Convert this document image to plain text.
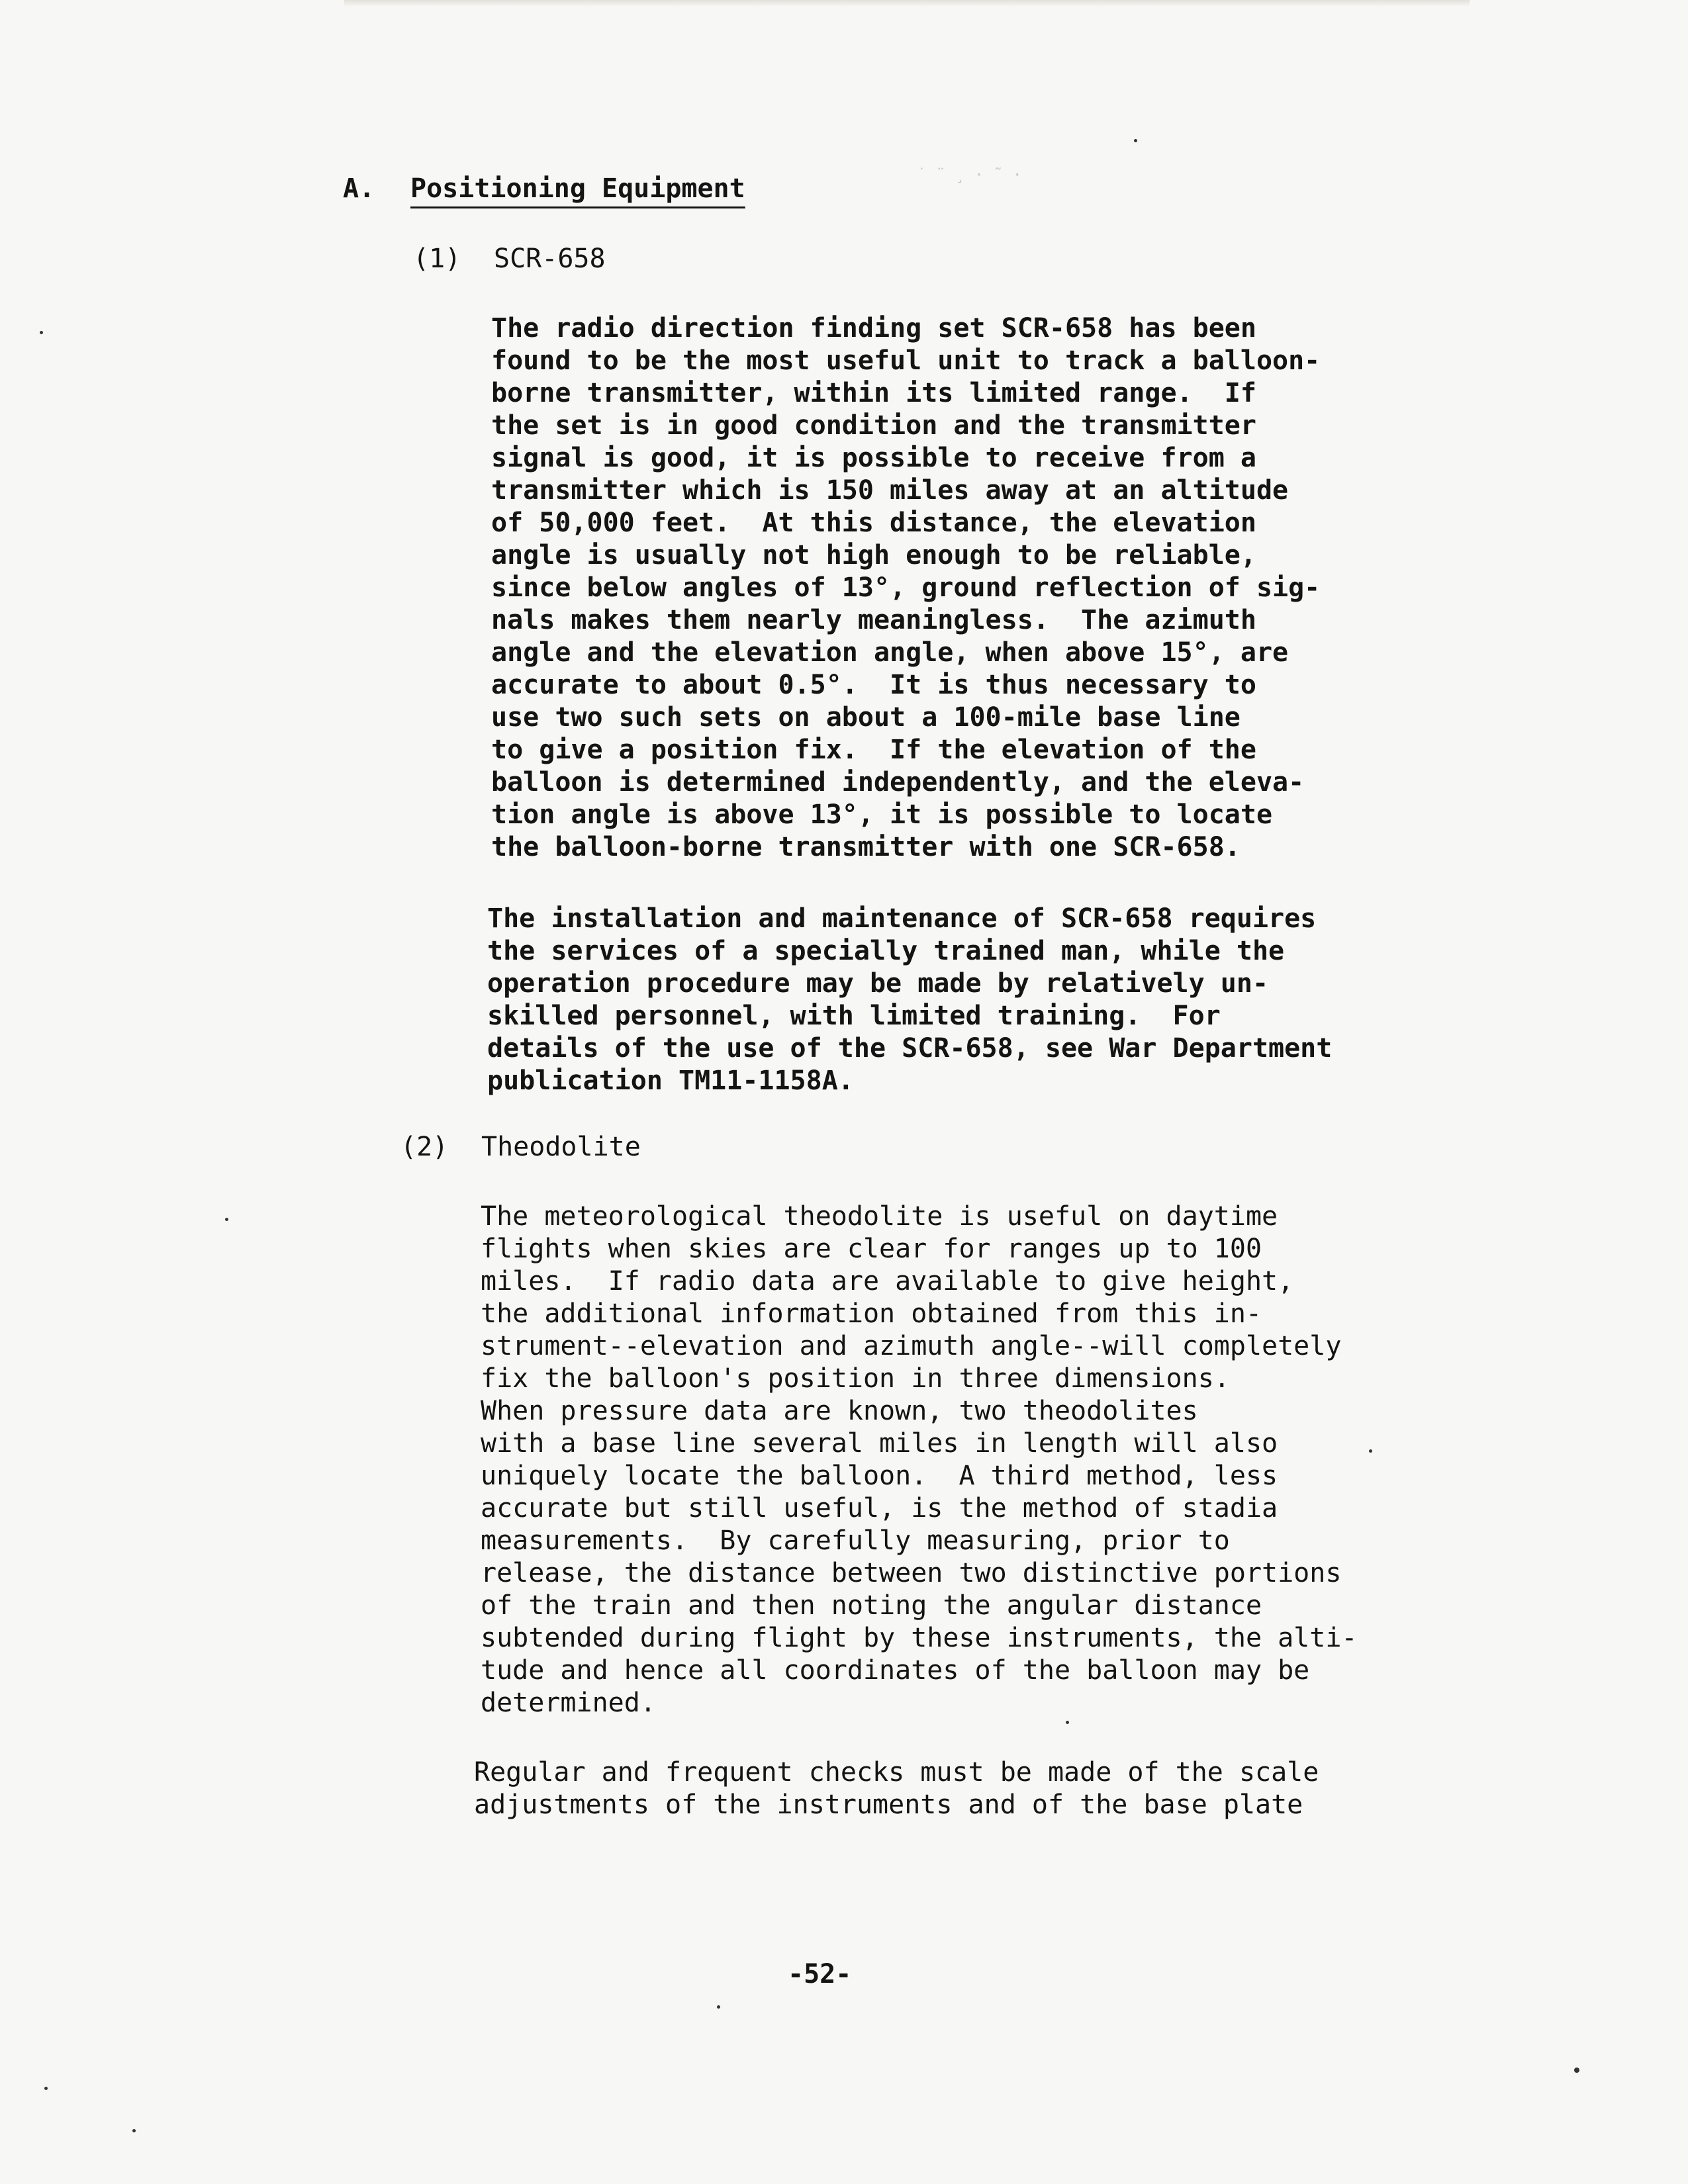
˙ ¨ ¸ · ˜ ·
A. Positioning Equipment
(1) SCR-658

The radio direction finding set SCR-658 has been
found to be the most useful unit to track a balloon-
borne transmitter, within its limited range.  If
the set is in good condition and the transmitter
signal is good, it is possible to receive from a
transmitter which is 150 miles away at an altitude
of 50,000 feet.  At this distance, the elevation
angle is usually not high enough to be reliable,
since below angles of 13°, ground reflection of sig-
nals makes them nearly meaningless.  The azimuth
angle and the elevation angle, when above 15°, are
accurate to about 0.5°.  It is thus necessary to
use two such sets on about a 100-mile base line
to give a position fix.  If the elevation of the
balloon is determined independently, and the eleva-
tion angle is above 13°, it is possible to locate
the balloon-borne transmitter with one SCR-658.

The installation and maintenance of SCR-658 requires
the services of a specially trained man, while the
operation procedure may be made by relatively un-
skilled personnel, with limited training.  For
details of the use of the SCR-658, see War Department
publication TM11-1158A.

(2) Theodolite

The meteorological theodolite is useful on daytime
flights when skies are clear for ranges up to 100
miles.  If radio data are available to give height,
the additional information obtained from this in-
strument--elevation and azimuth angle--will completely
fix the balloon's position in three dimensions.
When pressure data are known, two theodolites
with a base line several miles in length will also
uniquely locate the balloon.  A third method, less
accurate but still useful, is the method of stadia
measurements.  By carefully measuring, prior to
release, the distance between two distinctive portions
of the train and then noting the angular distance
subtended during flight by these instruments, the alti-
tude and hence all coordinates of the balloon may be
determined.

Regular and frequent checks must be made of the scale
adjustments of the instruments and of the base plate

-52-
